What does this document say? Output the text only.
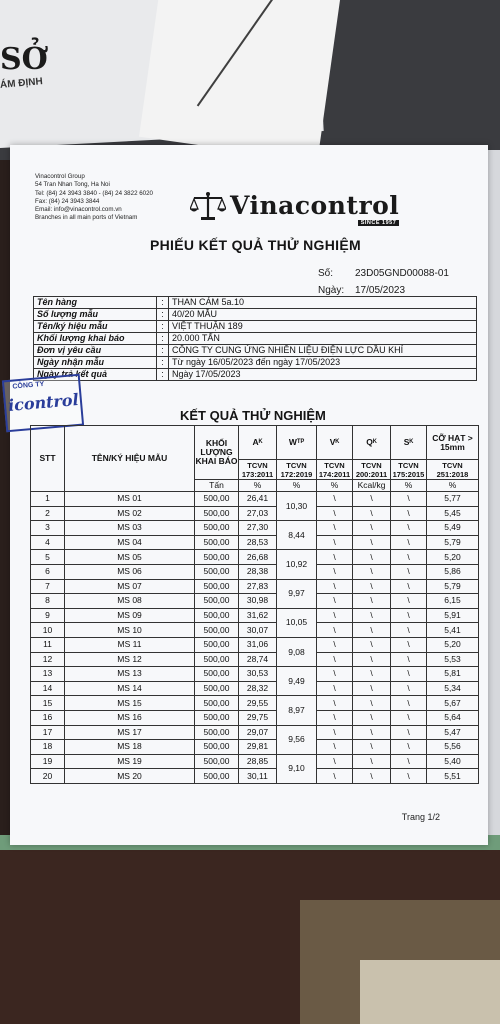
SỞ
ÁM ĐỊNH
Vinacontrol Group
54 Tran Nhan Tong, Ha Noi
Tel: (84) 24 3943 3840 - (84) 24 3822 6020
Fax: (84) 24 3943 3844
Email: info@vinacontrol.com.vn
Branches in all main ports of Vietnam	Vinacontrol
SINCE 1957
PHIẾU KẾT QUẢ THỬ NGHIỆM
Số: 23D05GND00088-01
Ngày: 17/05/2023
Tên hàng	:	THAN CÁM 5a.10
Số lượng mẫu	:	40/20 MẪU
Tên/ký hiệu mẫu	:	VIỆT THUẬN 189
Khối lượng khai báo	:	20.000 TẤN
Đơn vị yêu cầu	:	CÔNG TY CUNG ỨNG NHIÊN LIỆU ĐIỆN LỰC DẦU KHÍ
Ngày nhận mẫu	:	Từ ngày 16/05/2023 đến ngày 17/05/2023
Ngày trả kết quả	:	Ngày 17/05/2023
CÔNG TY
icontrol
KẾT QUẢ THỬ NGHIỆM
STT	TÊN/KÝ HIỆU MẪU	KHỐI LƯỢNG KHAI BÁO	Aᴷ	Wᵀᴾ	Vᴷ	Qᴷ	Sᴷ	CỠ HẠT > 15mm
			TCVN 173:2011	TCVN 172:2019	TCVN 174:2011	TCVN 200:2011	TCVN 175:2015	TCVN 251:2018
		Tấn	%	%	%	Kcal/kg	%	%
1	MS 01	500,00	26,41	10,30	\	\	\	5,77
2	MS 02	500,00	27,03		\	\	\	5,45
3	MS 03	500,00	27,30	8,44	\	\	\	5,49
4	MS 04	500,00	28,53		\	\	\	5,79
5	MS 05	500,00	26,68	10,92	\	\	\	5,20
6	MS 06	500,00	28,38		\	\	\	5,86
7	MS 07	500,00	27,83	9,97	\	\	\	5,79
8	MS 08	500,00	30,98		\	\	\	6,15
9	MS 09	500,00	31,62	10,05	\	\	\	5,91
10	MS 10	500,00	30,07		\	\	\	5,41
11	MS 11	500,00	31,06	9,08	\	\	\	5,20
12	MS 12	500,00	28,74		\	\	\	5,53
13	MS 13	500,00	30,53	9,49	\	\	\	5,81
14	MS 14	500,00	28,32		\	\	\	5,34
15	MS 15	500,00	29,55	8,97	\	\	\	5,67
16	MS 16	500,00	29,75		\	\	\	5,64
17	MS 17	500,00	29,07	9,56	\	\	\	5,47
18	MS 18	500,00	29,81		\	\	\	5,56
19	MS 19	500,00	28,85	9,10	\	\	\	5,40
20	MS 20	500,00	30,11		\	\	\	5,51
Trang 1/2
